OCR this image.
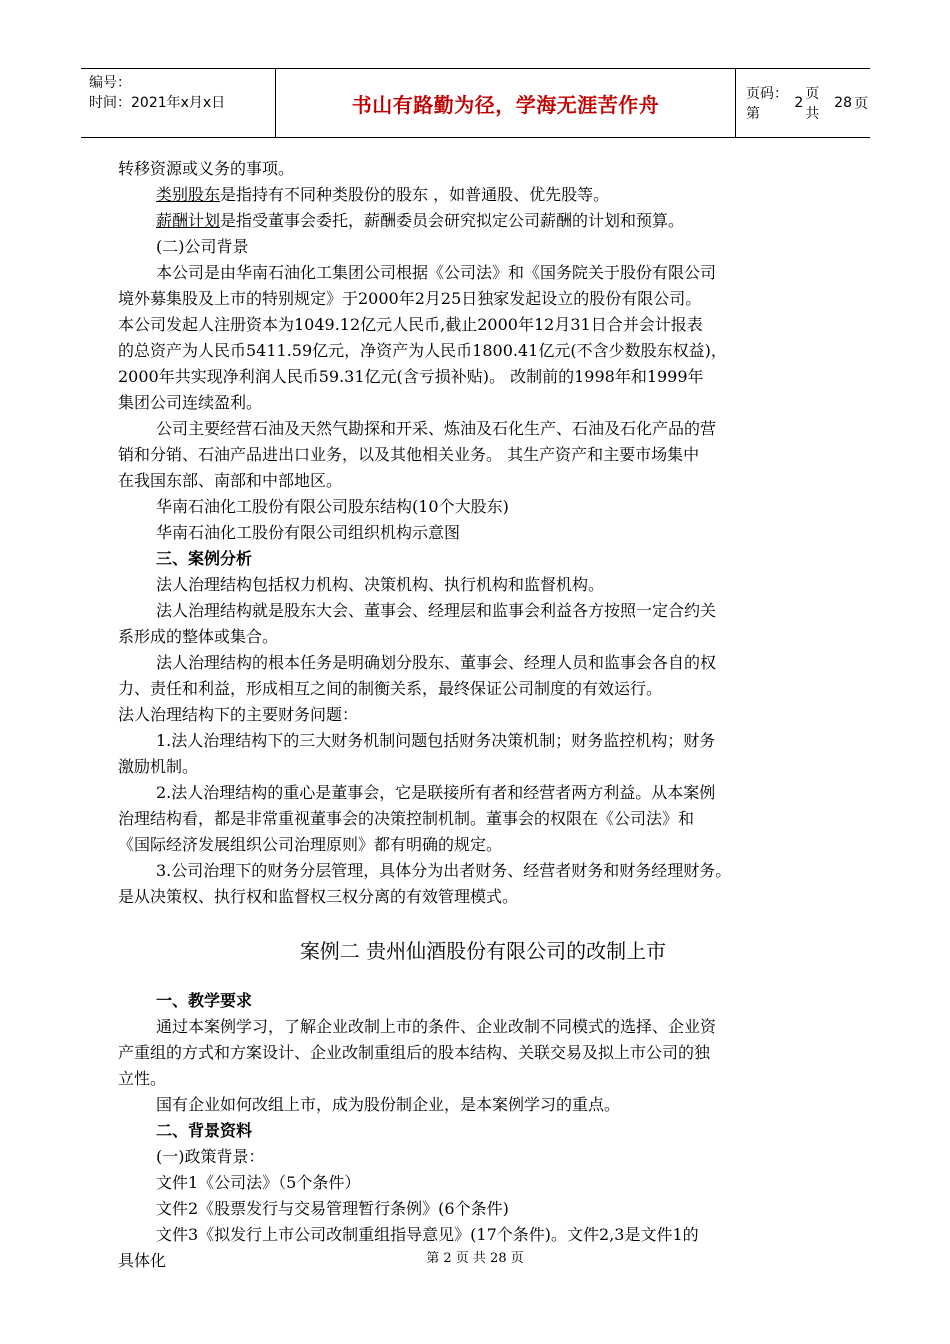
编号：
时间：2021年x月x日	书山有路勤为径，学海无涯苦作舟	页码：第
2
页 共
28 页

转移资源或义务的事项。

类别股东是指持有不同种类股份的股东 ，如普通股、优先股等。

薪酬计划是指受董事会委托，薪酬委员会研究拟定公司薪酬的计划和预算。

(二)公司背景

本公司是由华南石油化工集团公司根据《公司法》和《国务院关于股份有限公司

境外募集股及上市的特别规定》于2000年2月25日独家发起设立的股份有限公司。

本公司发起人注册资本为1049.12亿元人民币,截止2000年12月31日合并会计报表

的总资产为人民币5411.59亿元，净资产为人民币1800.41亿元(不含少数股东权益)，

2000年共实现净利润人民币59.31亿元(含亏损补贴)。 改制前的1998年和1999年

集团公司连续盈利。

公司主要经营石油及天然气勘探和开采、炼油及石化生产、石油及石化产品的营

销和分销、石油产品进出口业务，以及其他相关业务。 其生产资产和主要市场集中

在我国东部、南部和中部地区。

华南石油化工股份有限公司股东结构(10个大股东)

华南石油化工股份有限公司组织机构示意图

三、案例分析

法人治理结构包括权力机构、决策机构、执行机构和监督机构。

法人治理结构就是股东大会、董事会、经理层和监事会利益各方按照一定合约关

系形成的整体或集合。

法人治理结构的根本任务是明确划分股东、董事会、经理人员和监事会各自的权

力、责任和利益，形成相互之间的制衡关系，最终保证公司制度的有效运行。

法人治理结构下的主要财务问题：

1.法人治理结构下的三大财务机制问题包括财务决策机制；财务监控机构；财务

激励机制。

2.法人治理结构的重心是董事会，它是联接所有者和经营者两方利益。从本案例

治理结构看，都是非常重视董事会的决策控制机制。董事会的权限在《公司法》和

《国际经济发展组织公司治理原则》都有明确的规定。

3.公司治理下的财务分层管理，具体分为出者财务、经营者财务和财务经理财务。

是从决策权、执行权和监督权三权分离的有效管理模式。

案例二 贵州仙酒股份有限公司的改制上市

一、教学要求

通过本案例学习，了解企业改制上市的条件、企业改制不同模式的选择、企业资

产重组的方式和方案设计、企业改制重组后的股本结构、关联交易及拟上市公司的独

立性。

国有企业如何改组上市，成为股份制企业，是本案例学习的重点。

二、背景资料

(一)政策背景：

文件1《公司法》（5个条件）

文件2《股票发行与交易管理暂行条例》(6个条件)

文件3《拟发行上市公司改制重组指导意见》(17个条件)。文件2,3是文件1的

具体化	第 2 页 共 28 页
